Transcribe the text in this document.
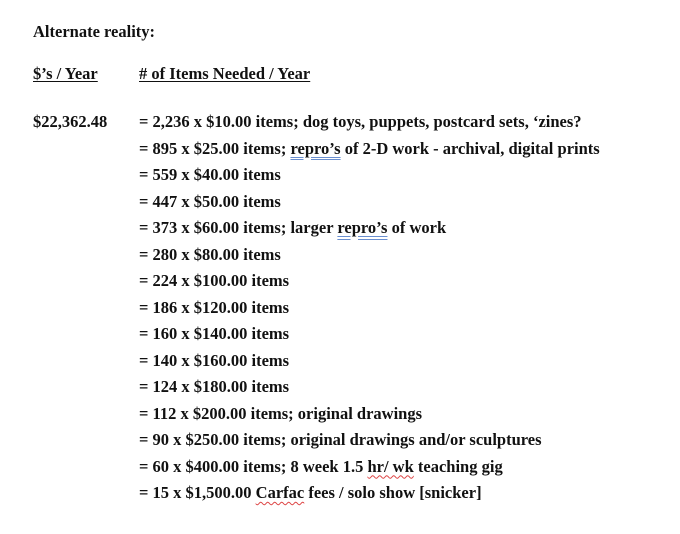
Alternate reality:
$’s / Year # of Items Needed / Year
$22,362.48 = 2,236 x $10.00 items; dog toys, puppets, postcard sets, ‘zines?
= 895 x $25.00 items; repro’s of 2-D work - archival, digital prints
= 559 x $40.00 items
= 447 x $50.00 items
= 373 x $60.00 items; larger repro’s of work
= 280 x $80.00 items
= 224 x $100.00 items
= 186 x $120.00 items
= 160 x $140.00 items
= 140 x $160.00 items
= 124 x $180.00 items
= 112 x $200.00 items; original drawings
= 90 x $250.00 items; original drawings and/or sculptures
= 60 x $400.00 items; 8 week 1.5 hr/ wk teaching gig
= 15 x $1,500.00 Carfac fees / solo show [snicker]
